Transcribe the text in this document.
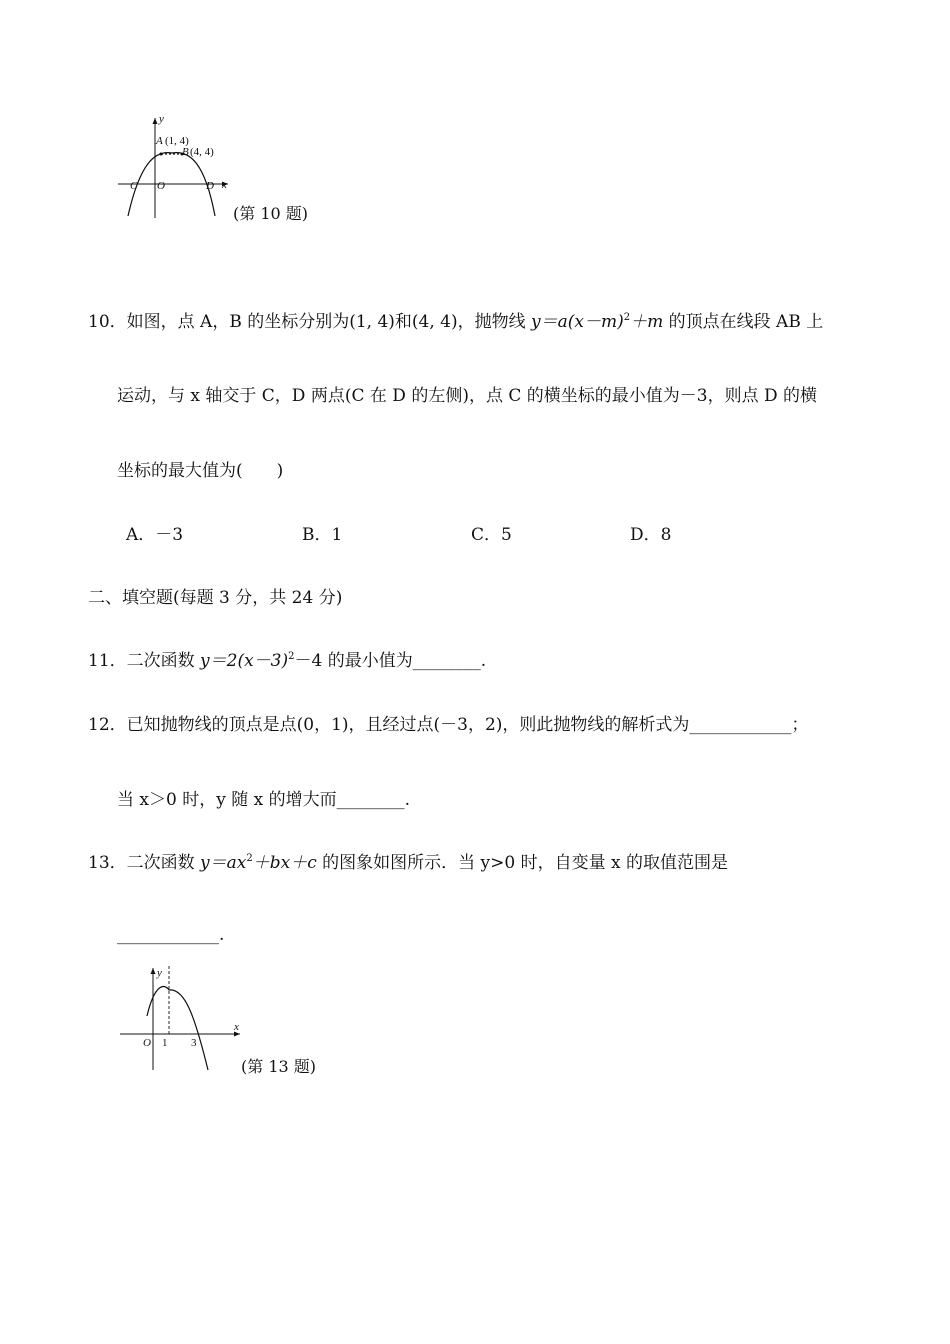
y
x
A (1, 4)
B (4, 4)
C O	D
(第 10 题)
10．如图，点 A，B 的坐标分别为(1, 4)和(4, 4)，抛物线 $y=a(x-m)^2+m$ 的顶点在线段 AB 上
运动，与 x 轴交于 C，D 两点(C 在 D 的左侧)，点 C 的横坐标的最小值为－3，则点 D 的横
坐标的最大值为(　　)
A．－3	B．1	C．5	D．8
二、填空题(每题 3 分，共 24 分)
11．二次函数 $y=2(x-3)^2-4$ 的最小值为________.
12．已知抛物线的顶点是点(0，1)，且经过点(－3，2)，则此抛物线的解析式为____________；
当 x＞0 时，y 随 x 的增大而________.
13．二次函数 $y=ax^2+bx+c$ 的图象如图所示．当 y>0 时，自变量 x 的取值范围是
____________.
y
x
O 1 3
(第 13 题)
